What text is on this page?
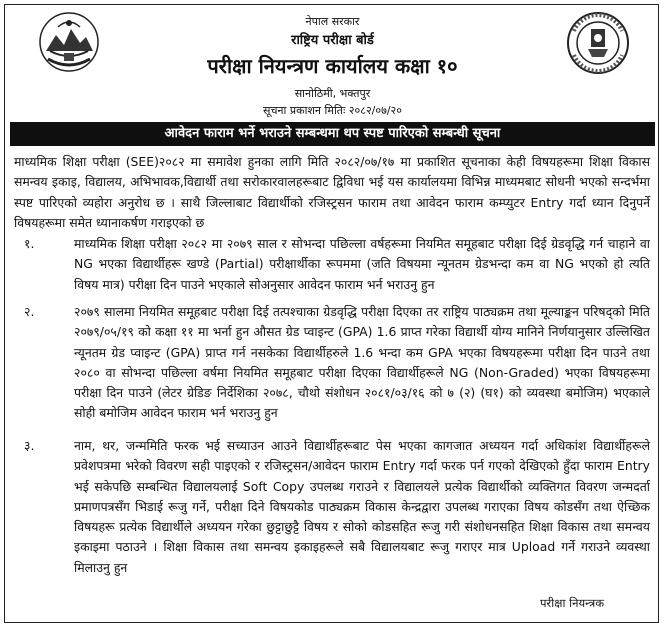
नेपाल सरकार
राष्ट्रिय परीक्षा बोर्ड
परीक्षा नियन्त्रण कार्यालय कक्षा १०
सानोठिमी, भक्तपुर
सूचना प्रकाशन मितिः २०८२/०७/२०
आवेदन फाराम भर्ने भराउने सम्बन्धमा थप स्पष्ट पारिएको सम्बन्धी सूचना
माध्यमिक शिक्षा परीक्षा (SEE)२०८२ मा समावेश हुनका लागि मिति २०८२/०७/१७ मा प्रकाशित सूचनाका केही विषयहरूमा शिक्षा विकास समन्वय इकाइ, विद्यालय, अभिभावक,विद्यार्थी तथा सरोकारवालहरूबाट द्विविधा भई यस कार्यालयमा विभिन्न माध्यमबाट सोधनी भएको सन्दर्भमा स्पष्ट पारिएको व्यहोरा अनुरोध छ । साथै जिल्लाबाट विद्यार्थीको रजिस्ट्रसन फाराम तथा आवेदन फाराम कम्प्युटर Entry गर्दा ध्यान दिनुपर्ने विषयहरूमा समेत ध्यानाकर्षण गराइएको छ
१.	माध्यमिक शिक्षा परीक्षा २०८२ मा २०७९ साल र सोभन्दा पछिल्ला वर्षहरूमा नियमित समूहबाट परीक्षा दिई ग्रेडवृद्धि गर्न चाहाने वा NG भएका विद्यार्थीहरू खण्डे (Partial) परीक्षार्थीका रूपममा (जति विषयमा न्यूनतम ग्रेडभन्दा कम वा NG भएको हो त्यति विषय मात्र) परीक्षा दिन पाउने भएकाले सोअनुसार आवेदन फाराम भर्न भराउनु हुन
२.	२०७९ सालमा नियमित समूहबाट परीक्षा दिई तत्पश्चाका ग्रेडवृद्धि परीक्षा दिएका तर राष्ट्रिय पाठ्यक्रम तथा मूल्याङ्कन परिषद्को मिति २०७९/०५/१९ को कक्षा ११ मा भर्ना हुन औसत ग्रेड प्वाइन्ट (GPA) 1.6 प्राप्त गरेका विद्यार्थी योग्य मानिने निर्णयानुसार उल्लिखित न्यूनतम ग्रेड प्वाइन्ट (GPA) प्राप्त गर्न नसकेका विद्यार्थीहरुले 1.6 भन्दा कम GPA भएका विषयहरूमा परीक्षा दिन पाउने तथा २०८० वा सोभन्दा पछिल्ला वर्षमा नियमित समूहबाट परीक्षा दिएका विद्यार्थीहरूले NG (Non-Graded) भएका विषयहरूमा परीक्षा दिन पाउने (लेटर ग्रेडिङ निर्देशिका २०७८, चौथो संशोधन २०८१/०३/१६ को ७ (२) (घ१) को व्यवस्था बमोजिम) भएकाले सोही बमोजिम आवेदन फाराम भर्न भराउनु हुन
३.	नाम, थर, जन्ममिति फरक भई सच्याउन आउने विद्यार्थीहरूबाट पेस भएका कागजात अध्ययन गर्दा अधिकांश विद्यार्थीहरूले प्रवेशपत्रमा भरेको विवरण सही पाइएको र रजिस्ट्रसन/आवेदन फाराम Entry गर्दा फरक पर्न गएको देखिएको हुँदा फाराम Entry भई सकेपछि सम्बन्धित विद्यालयलाई Soft Copy उपलब्ध गराउने र विद्यालयले प्रत्येक विद्यार्थीको व्यक्तिगत विवरण जन्मदर्ता प्रमाणपत्रसँग भिडाई रूजु गर्ने, परीक्षा दिने विषयकोड पाठ्यक्रम विकास केन्द्रद्वारा उपलब्ध गराएका विषय कोडसँग तथा ऐच्छिक विषयहरू प्रत्येक विद्यार्थीले अध्ययन गरेका छुट्टाछुट्टै विषय र सोको कोडसहित रूजु गरी संशोधनसहित शिक्षा विकास तथा समन्वय इकाइमा पठाउने । शिक्षा विकास तथा समन्वय इकाइहरूले सबै विद्यालयबाट रूजु गराएर मात्र Upload गर्ने गराउने व्यवस्था मिलाउनु हुन
परीक्षा नियन्त्रक
